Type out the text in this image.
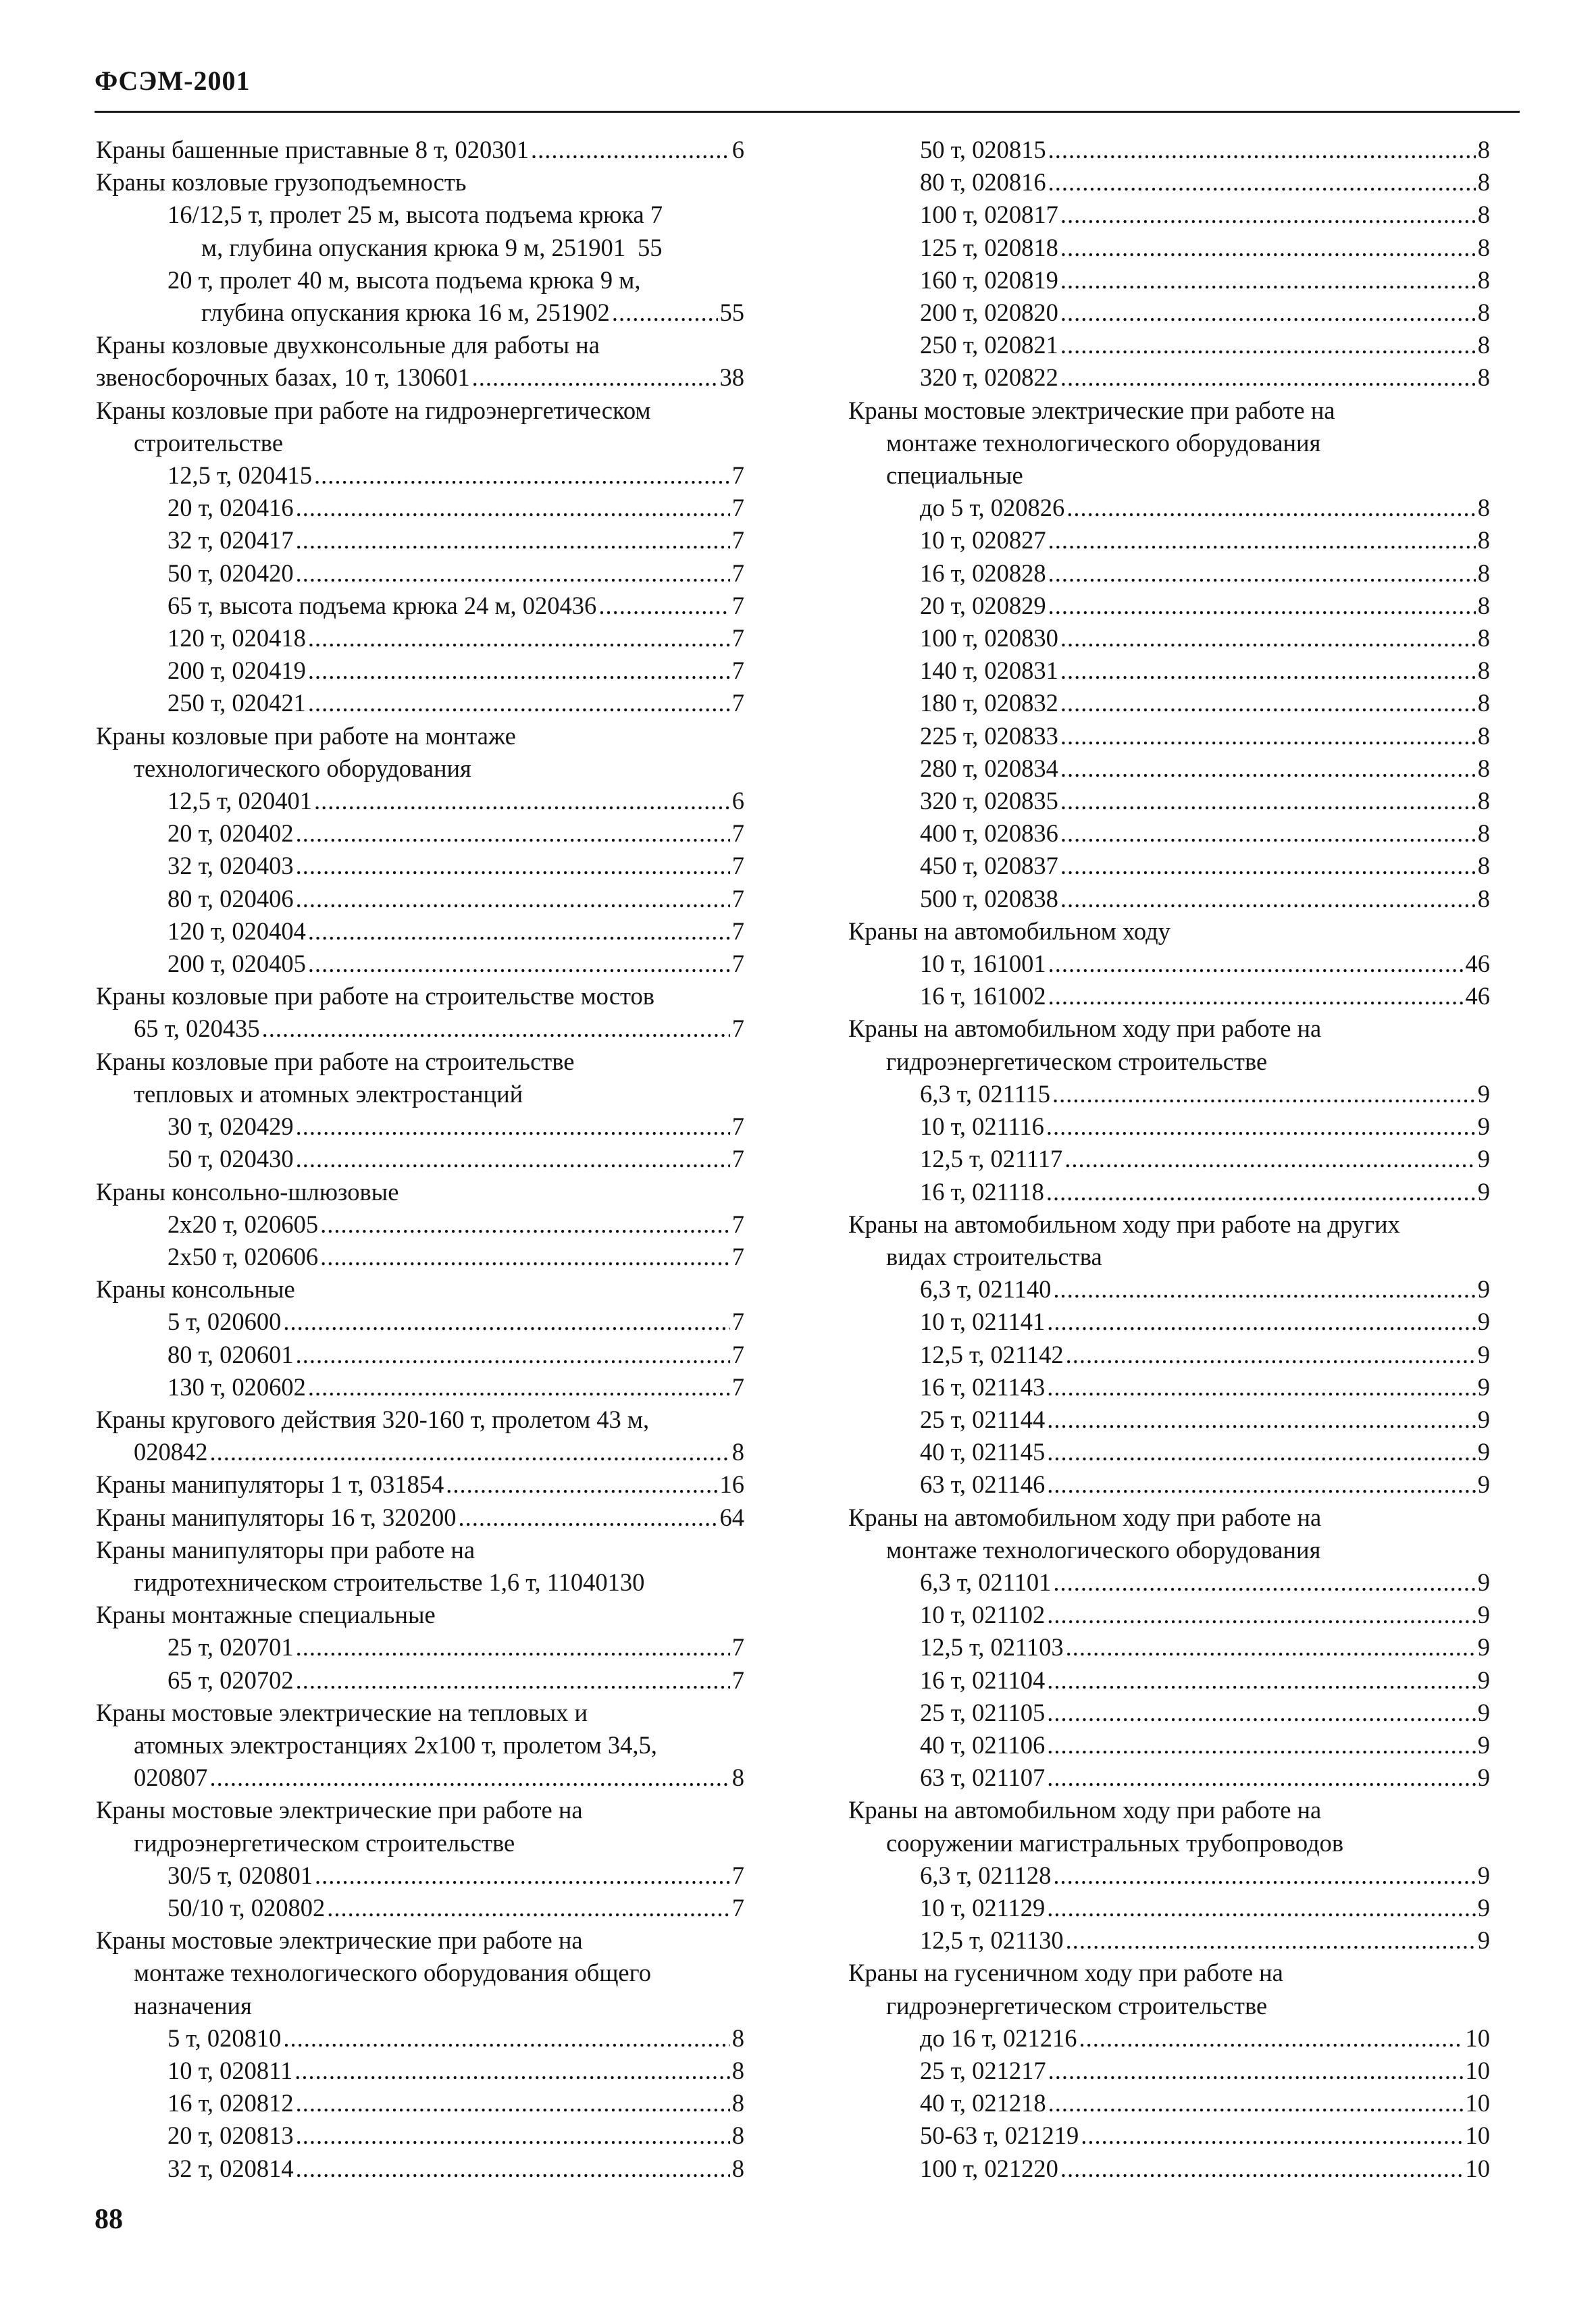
ФСЭМ-2001
Краны башенные приставные 8 т, 020301 .....	6
Краны козловые грузоподъемность
16/12,5 т, пролет 25 м, высота подъема крюка 7
м, глубина опускания крюка 9 м, 251901 55
20 т, пролет 40 м, высота подъема крюка 9 м,
глубина опускания крюка 16 м, 251902 .....	55
Краны козловые двухконсольные для работы на
звеносборочных базах, 10 т, 130601 .....	38
Краны козловые при работе на гидроэнергетическом
строительстве
12,5 т, 020415 .....	7
20 т, 020416 .....	7
32 т, 020417 .....	7
50 т, 020420 .....	7
65 т, высота подъема крюка 24 м, 020436 .....	7
120 т, 020418 .....	7
200 т, 020419 .....	7
250 т, 020421 .....	7
Краны козловые при работе на монтаже
технологического оборудования
12,5 т, 020401 .....	6
20 т, 020402 .....	7
32 т, 020403 .....	7
80 т, 020406 .....	7
120 т, 020404 .....	7
200 т, 020405 .....	7
Краны козловые при работе на строительстве мостов
65 т, 020435 .....	7
Краны козловые при работе на строительстве
тепловых и атомных электростанций
30 т, 020429 .....	7
50 т, 020430 .....	7
Краны консольно-шлюзовые
2х20 т, 020605 .....	7
2х50 т, 020606 .....	7
Краны консольные
5 т, 020600 .....	7
80 т, 020601 .....	7
130 т, 020602 .....	7
Краны кругового действия 320-160 т, пролетом 43 м,
020842 .....	8
Краны манипуляторы 1 т, 031854 .....	16
Краны манипуляторы 16 т, 320200 .....	64
Краны манипуляторы при работе на
гидротехническом строительстве 1,6 т, 11040130
Краны монтажные специальные
25 т, 020701 .....	7
65 т, 020702 .....	7
Краны мостовые электрические на тепловых и
атомных электростанциях 2х100 т, пролетом 34,5,
020807 .....	8
Краны мостовые электрические при работе на
гидроэнергетическом строительстве
30/5 т, 020801 .....	7
50/10 т, 020802 .....	7
Краны мостовые электрические при работе на
монтаже технологического оборудования общего
назначения
5 т, 020810 .....	8
10 т, 020811 .....	8
16 т, 020812 .....	8
20 т, 020813 .....	8
32 т, 020814 .....	8
50 т, 020815 .....	8
80 т, 020816 .....	8
100 т, 020817 .....	8
125 т, 020818 .....	8
160 т, 020819 .....	8
200 т, 020820 .....	8
250 т, 020821 .....	8
320 т, 020822 .....	8
Краны мостовые электрические при работе на
монтаже технологического оборудования
специальные
до 5 т, 020826 .....	8
10 т, 020827 .....	8
16 т, 020828 .....	8
20 т, 020829 .....	8
100 т, 020830 .....	8
140 т, 020831 .....	8
180 т, 020832 .....	8
225 т, 020833 .....	8
280 т, 020834 .....	8
320 т, 020835 .....	8
400 т, 020836 .....	8
450 т, 020837 .....	8
500 т, 020838 .....	8
Краны на автомобильном ходу
10 т, 161001 .....	46
16 т, 161002 .....	46
Краны на автомобильном ходу при работе на
гидроэнергетическом строительстве
6,3 т, 021115 .....	9
10 т, 021116 .....	9
12,5 т, 021117 .....	9
16 т, 021118 .....	9
Краны на автомобильном ходу при работе на других
видах строительства
6,3 т, 021140 .....	9
10 т, 021141 .....	9
12,5 т, 021142 .....	9
16 т, 021143 .....	9
25 т, 021144 .....	9
40 т, 021145 .....	9
63 т, 021146 .....	9
Краны на автомобильном ходу при работе на
монтаже технологического оборудования
6,3 т, 021101 .....	9
10 т, 021102 .....	9
12,5 т, 021103 .....	9
16 т, 021104 .....	9
25 т, 021105 .....	9
40 т, 021106 .....	9
63 т, 021107 .....	9
Краны на автомобильном ходу при работе на
сооружении магистральных трубопроводов
6,3 т, 021128 .....	9
10 т, 021129 .....	9
12,5 т, 021130 .....	9
Краны на гусеничном ходу при работе на
гидроэнергетическом строительстве
до 16 т, 021216 .....	10
25 т, 021217 .....	10
40 т, 021218 .....	10
50-63 т, 021219 .....	10
100 т, 021220 .....	10
88
